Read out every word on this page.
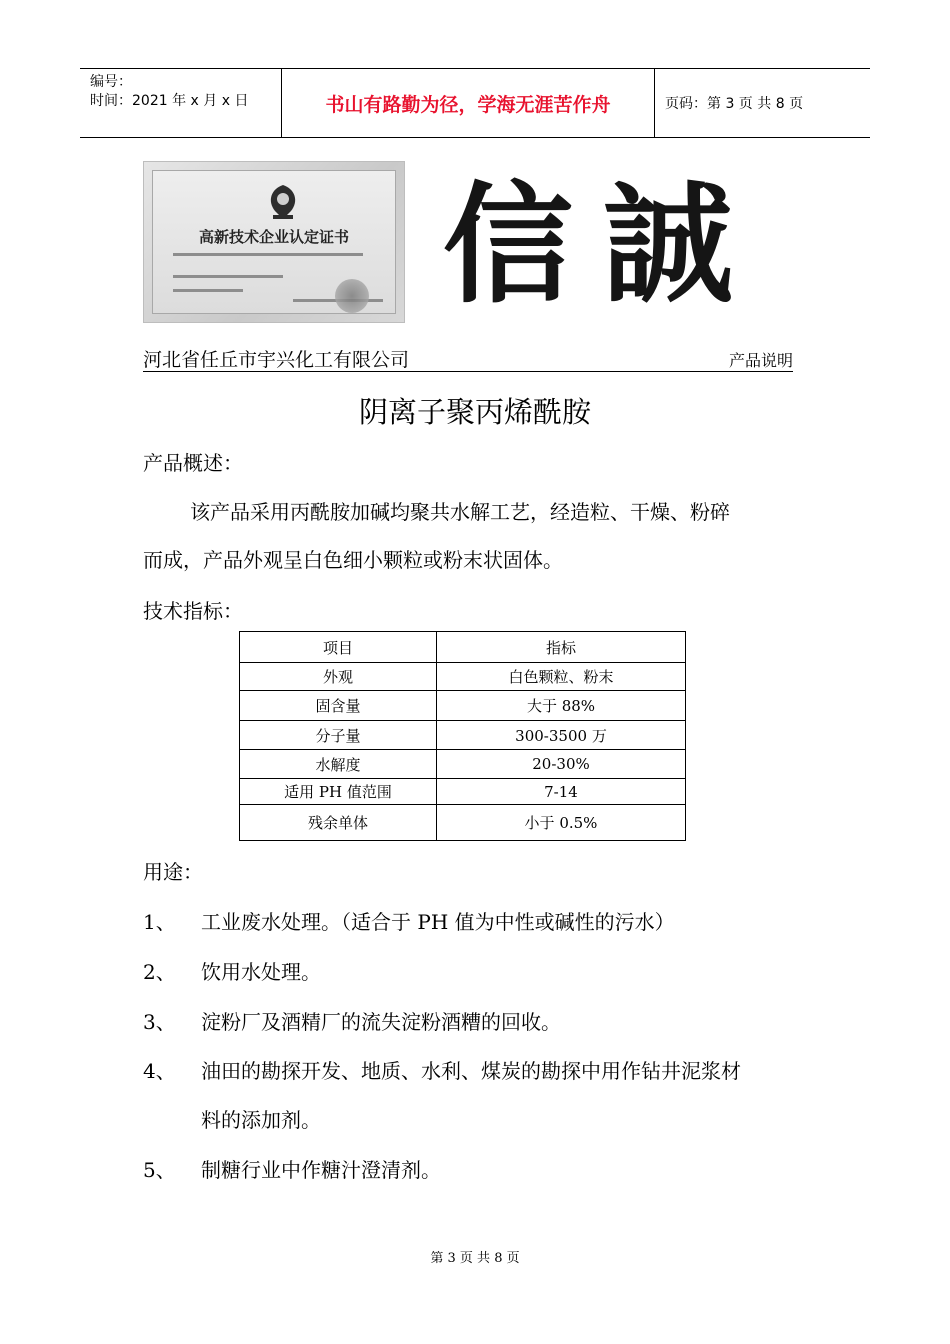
编号：
时间：2021 年 x 月 x 日	书山有路勤为径，学海无涯苦作舟	页码：第 3 页 共 8 页
高新技术企业认定证书 信誠
河北省任丘市宇兴化工有限公司	产品说明
阴离子聚丙烯酰胺
产品概述：
该产品采用丙酰胺加碱均聚共水解工艺，经造粒、干燥、粉碎
而成，产品外观呈白色细小颗粒或粉末状固体。
技术指标：
项目	指标
外观	白色颗粒、粉末
固含量	大于 88%
分子量	300-3500 万
水解度	20-30%
适用 PH 值范围	7-14
残余单体	小于 0.5%
用途：
1、 工业废水处理。（适合于 PH 值为中性或碱性的污水）
2、 饮用水处理。
3、 淀粉厂及酒精厂的流失淀粉酒糟的回收。
4、 油田的勘探开发、地质、水利、煤炭的勘探中用作钻井泥浆材
料的添加剂。
5、 制糖行业中作糖汁澄清剂。
第 3 页 共 8 页
